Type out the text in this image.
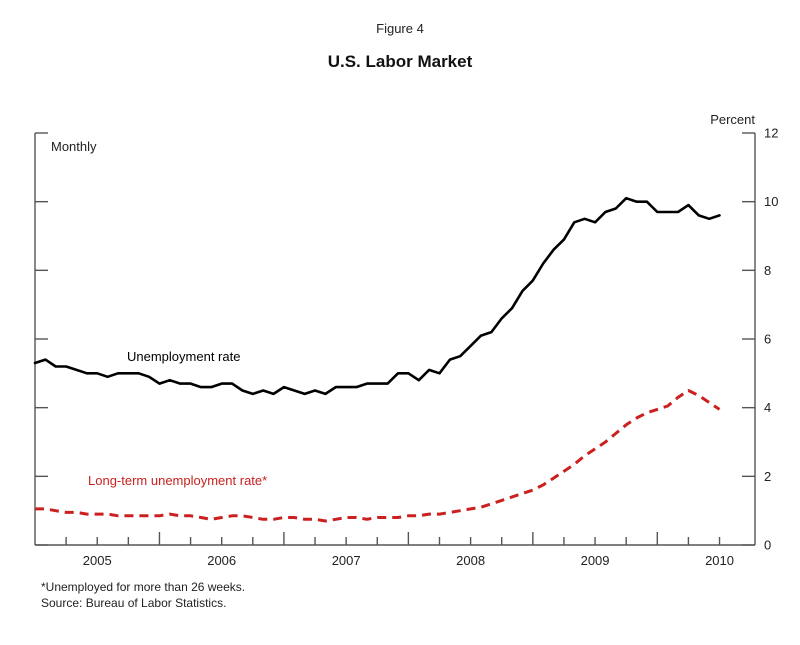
Figure 4
U.S. Labor Market
Percent
Monthly
0
2
4
6
8
10
12
2005	2006	2007	2008	2009	2010
Unemployment rate
Long-term unemployment rate*
*Unemployed for more than 26 weeks.
Source: Bureau of Labor Statistics.
